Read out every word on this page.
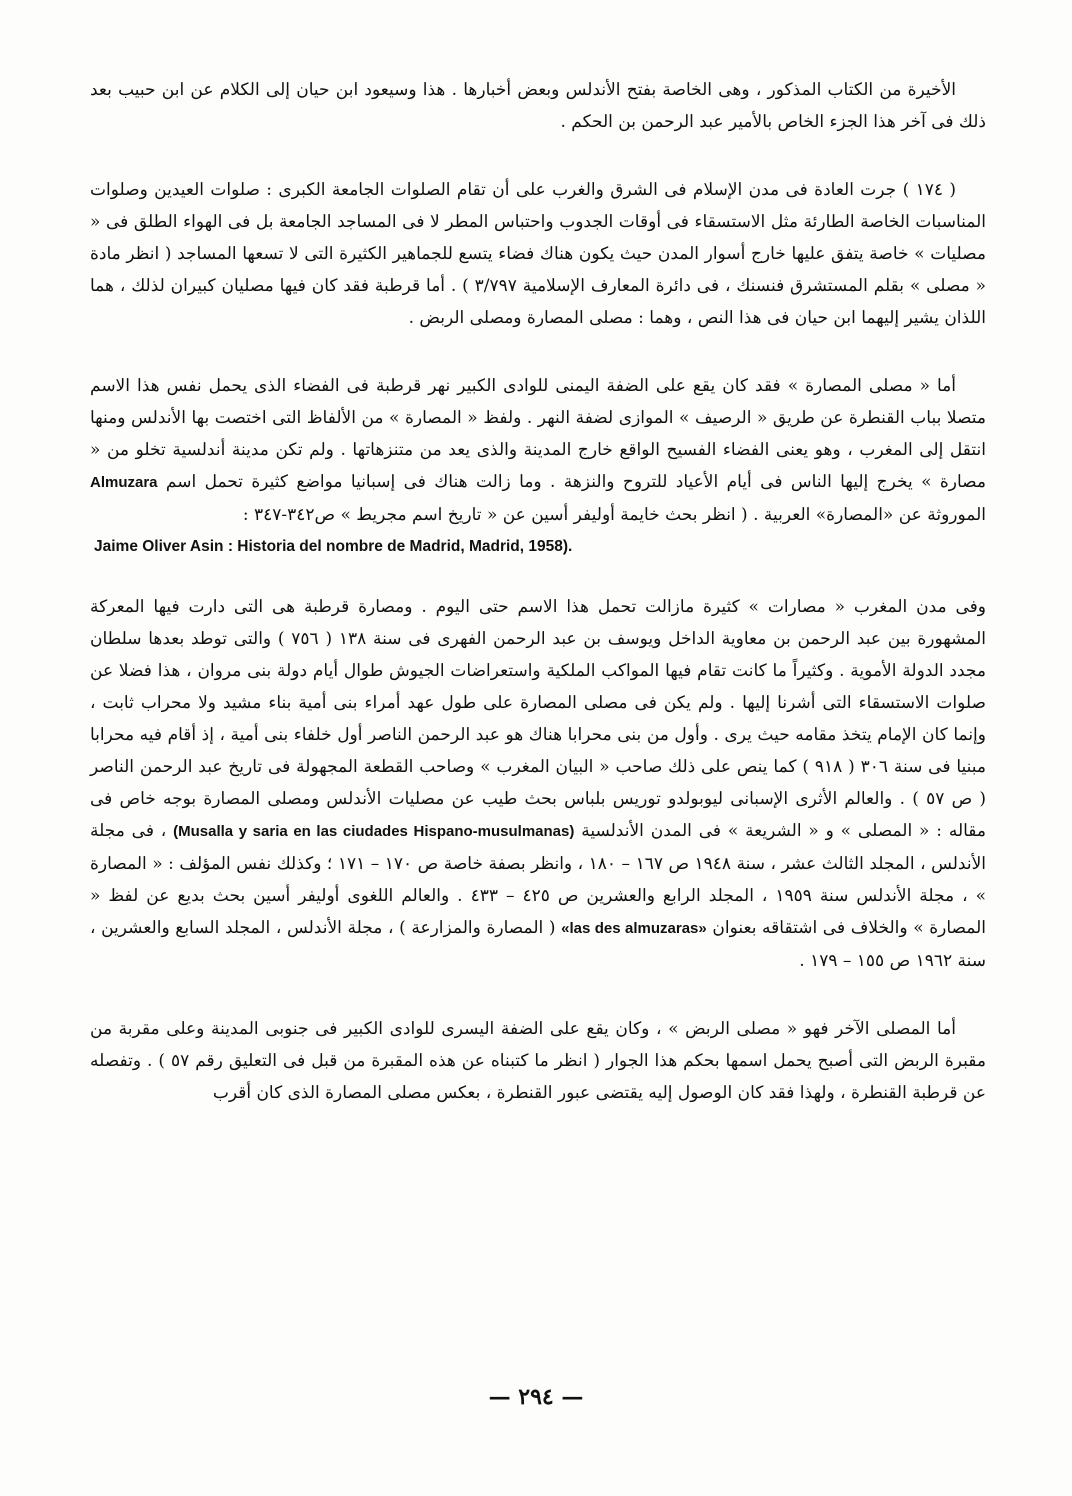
الأخيرة من الكتاب المذكور ، وهى الخاصة بفتح الأندلس وبعض أخبارها . هذا وسيعود ابن حيان إلى الكلام عن ابن حبيب بعد ذلك فى آخر هذا الجزء الخاص بالأمير عبد الرحمن بن الحكم .

( ١٧٤ ) جرت العادة فى مدن الإسلام فى الشرق والغرب على أن تقام الصلوات الجامعة الكبرى : صلوات العيدين وصلوات المناسبات الخاصة الطارئة مثل الاستسقاء فى أوقات الجدوب واحتباس المطر لا فى المساجد الجامعة بل فى الهواء الطلق فى « مصليات » خاصة يتفق عليها خارج أسوار المدن حيث يكون هناك فضاء يتسع للجماهير الكثيرة التى لا تسعها المساجد ( انظر مادة « مصلى » بقلم المستشرق فنسنك ، فى دائرة المعارف الإسلامية ٣/٧٩٧ ) . أما قرطبة فقد كان فيها مصليان كبيران لذلك ، هما اللذان يشير إليهما ابن حيان فى هذا النص ، وهما : مصلى المصارة ومصلى الربض .

أما « مصلى المصارة » فقد كان يقع على الضفة اليمنى للوادى الكبير نهر قرطبة فى الفضاء الذى يحمل نفس هذا الاسم متصلا بباب القنطرة عن طريق « الرصيف » الموازى لضفة النهر . ولفظ « المصارة » من الألفاظ التى اختصت بها الأندلس ومنها انتقل إلى المغرب ، وهو يعنى الفضاء الفسيح الواقع خارج المدينة والذى يعد من متنزهاتها . ولم تكن مدينة أندلسية تخلو من « مصارة » يخرج إليها الناس فى أيام الأعياد للتروح والنزهة . وما زالت هناك فى إسبانيا مواضع كثيرة تحمل اسم Almuzara الموروثة عن «المصارة» العربية . ( انظر بحث خايمة أوليفر أسين عن « تاريخ اسم مجريط » ص٣٤٢-٣٤٧ :

Jaime Oliver Asin : Historia del nombre de Madrid, Madrid, 1958).

وفى مدن المغرب « مصارات » كثيرة مازالت تحمل هذا الاسم حتى اليوم . ومصارة قرطبة هى التى دارت فيها المعركة المشهورة بين عبد الرحمن بن معاوية الداخل ويوسف بن عبد الرحمن الفهرى فى سنة ١٣٨ ( ٧٥٦ ) والتى توطد بعدها سلطان مجدد الدولة الأموية . وكثيراً ما كانت تقام فيها المواكب الملكية واستعراضات الجيوش طوال أيام دولة بنى مروان ، هذا فضلا عن صلوات الاستسقاء التى أشرنا إليها . ولم يكن فى مصلى المصارة على طول عهد أمراء بنى أمية بناء مشيد ولا محراب ثابت ، وإنما كان الإمام يتخذ مقامه حيث يرى . وأول من بنى محرابا هناك هو عبد الرحمن الناصر أول خلفاء بنى أمية ، إذ أقام فيه محرابا مبنيا فى سنة ٣٠٦ ( ٩١٨ ) كما ينص على ذلك صاحب « البيان المغرب » وصاحب القطعة المجهولة فى تاريخ عبد الرحمن الناصر ( ص ٥٧ ) . والعالم الأثرى الإسبانى ليوبولدو توريس بلباس بحث طيب عن مصليات الأندلس ومصلى المصارة بوجه خاص فى مقاله : « المصلى » و « الشريعة » فى المدن الأندلسية (Musalla y saria en las ciudades Hispano-musulmanas) ، فى مجلة الأندلس ، المجلد الثالث عشر ، سنة ١٩٤٨ ص ١٦٧ – ١٨٠ ، وانظر بصفة خاصة ص ١٧٠ – ١٧١ ؛ وكذلك نفس المؤلف : « المصارة » ، مجلة الأندلس سنة ١٩٥٩ ، المجلد الرابع والعشرين ص ٤٢٥ – ٤٣٣ . والعالم اللغوى أوليفر أسين بحث بديع عن لفظ « المصارة » والخلاف فى اشتقاقه بعنوان «las des almuzaras» ( المصارة والمزارعة ) ، مجلة الأندلس ، المجلد السابع والعشرين ، سنة ١٩٦٢ ص ١٥٥ – ١٧٩ .

أما المصلى الآخر فهو « مصلى الربض » ، وكان يقع على الضفة اليسرى للوادى الكبير فى جنوبى المدينة وعلى مقربة من مقبرة الربض التى أصبح يحمل اسمها بحكم هذا الجوار ( انظر ما كتبناه عن هذه المقبرة من قبل فى التعليق رقم ٥٧ ) . وتفصله عن قرطبة القنطرة ، ولهذا فقد كان الوصول إليه يقتضى عبور القنطرة ، بعكس مصلى المصارة الذى كان أقرب

— ٢٩٤ —
